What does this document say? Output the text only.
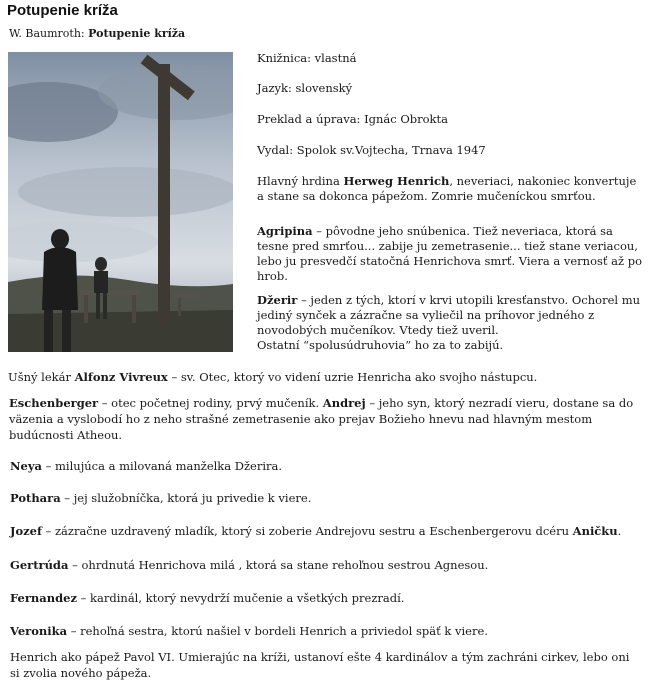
Potupenie kríža
W. Baumroth: Potupenie kríža
Knižnica: vlastná
Jazyk: slovenský
Preklad a úprava: Ignác Obrokta
Vydal: Spolok sv.Vojtecha, Trnava 1947
Hlavný hrdina Herweg Henrich, neveriaci, nakoniec konvertuje a stane sa dokonca pápežom. Zomrie mučeníckou smrťou.
Agripina – pôvodne jeho snúbenica. Tiež neveriaca, ktorá sa tesne pred smrťou... zabije ju zemetrasenie... tiež stane veriacou, lebo ju presvedčí statočná Henrichova smrť. Viera a vernosť až po hrob.
Džerir – jeden z tých, ktorí v krvi utopili kresťanstvo. Ochorel mu jediný synček a zázračne sa vyliečil na príhovor jedného z novodobých mučeníkov. Vtedy tiež uveril.
Ostatní “spolusúdruhovia” ho za to zabijú.
Ušný lekár Alfonz Vivreux – sv. Otec, ktorý vo videní uzrie Henricha ako svojho nástupcu.
Eschenberger – otec početnej rodiny, prvý mučeník. Andrej – jeho syn, ktorý nezradí vieru, dostane sa do väzenia a vyslobodí ho z neho strašné zemetrasenie ako prejav Božieho hnevu nad hlavným mestom budúcnosti Atheou.
Neya – milujúca a milovaná manželka Džerira.
Pothara – jej služobníčka, ktorá ju privedie k viere.
Jozef – zázračne uzdravený mladík, ktorý si zoberie Andrejovu sestru a Eschenbergerovu dcéru Aničku.
Gertrúda – ohrdnutá Henrichova milá , ktorá sa stane rehoľnou sestrou Agnesou.
Fernandez – kardinál, ktorý nevydrží mučenie a všetkých prezradí.
Veronika – rehoľná sestra, ktorú našiel v bordeli Henrich a priviedol späť k viere.
Henrich ako pápež Pavol VI. Umierajúc na kríži, ustanoví ešte 4 kardinálov a tým zachráni cirkev, lebo oni si zvolia nového pápeža.
